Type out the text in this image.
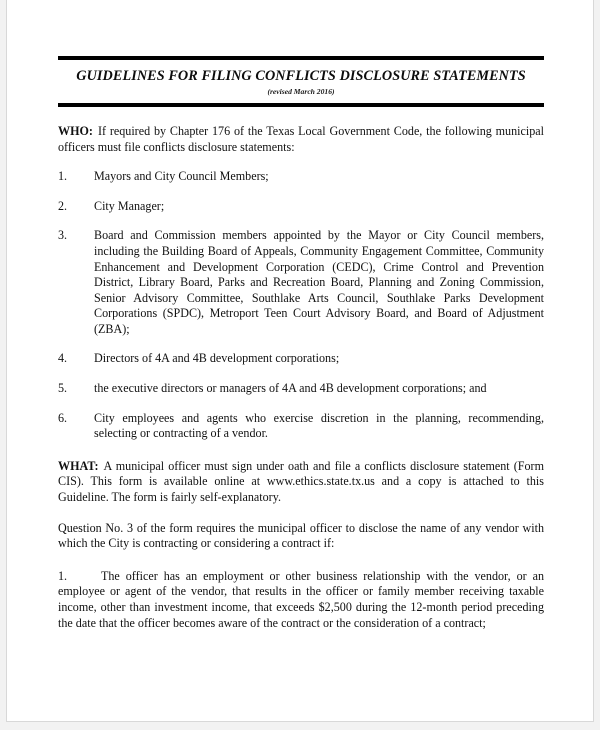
GUIDELINES FOR FILING CONFLICTS DISCLOSURE STATEMENTS
(revised March 2016)
WHO: If required by Chapter 176 of the Texas Local Government Code, the following municipal officers must file conflicts disclosure statements:
1.	Mayors and City Council Members;
2.	City Manager;
3.	Board and Commission members appointed by the Mayor or City Council members, including the Building Board of Appeals, Community Engagement Committee, Community Enhancement and Development Corporation (CEDC), Crime Control and Prevention District, Library Board, Parks and Recreation Board, Planning and Zoning Commission, Senior Advisory Committee, Southlake Arts Council, Southlake Parks Development Corporations (SPDC), Metroport Teen Court Advisory Board, and Board of Adjustment (ZBA);
4.	Directors of 4A and 4B development corporations;
5.	the executive directors or managers of 4A and 4B development corporations; and
6.	City employees and agents who exercise discretion in the planning, recommending, selecting or contracting of a vendor.
WHAT: A municipal officer must sign under oath and file a conflicts disclosure statement (Form CIS). This form is available online at www.ethics.state.tx.us and a copy is attached to this Guideline. The form is fairly self-explanatory.
Question No. 3 of the form requires the municipal officer to disclose the name of any vendor with which the City is contracting or considering a contract if:
1.	The officer has an employment or other business relationship with the vendor, or an employee or agent of the vendor, that results in the officer or family member receiving taxable income, other than investment income, that exceeds $2,500 during the 12-month period preceding the date that the officer becomes aware of the contract or the consideration of a contract;
